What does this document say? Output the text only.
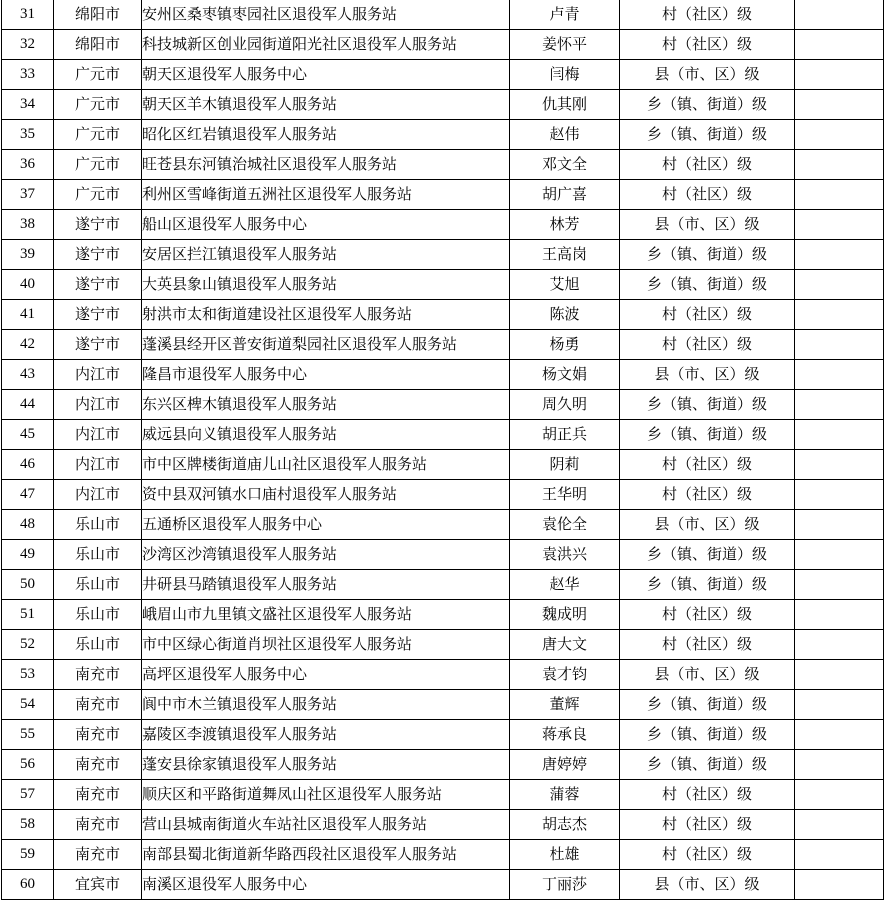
31	绵阳市	安州区桑枣镇枣园社区退役军人服务站	卢青	村（社区）级	
32	绵阳市	科技城新区创业园街道阳光社区退役军人服务站	姜怀平	村（社区）级	
33	广元市	朝天区退役军人服务中心	闫梅	县（市、区）级	
34	广元市	朝天区羊木镇退役军人服务站	仇其刚	乡（镇、街道）级	
35	广元市	昭化区红岩镇退役军人服务站	赵伟	乡（镇、街道）级	
36	广元市	旺苍县东河镇治城社区退役军人服务站	邓文全	村（社区）级	
37	广元市	利州区雪峰街道五洲社区退役军人服务站	胡广喜	村（社区）级	
38	遂宁市	船山区退役军人服务中心	林芳	县（市、区）级	
39	遂宁市	安居区拦江镇退役军人服务站	王高岗	乡（镇、街道）级	
40	遂宁市	大英县象山镇退役军人服务站	艾旭	乡（镇、街道）级	
41	遂宁市	射洪市太和街道建设社区退役军人服务站	陈波	村（社区）级	
42	遂宁市	蓬溪县经开区普安街道梨园社区退役军人服务站	杨勇	村（社区）级	
43	内江市	隆昌市退役军人服务中心	杨文娟	县（市、区）级	
44	内江市	东兴区椑木镇退役军人服务站	周久明	乡（镇、街道）级	
45	内江市	威远县向义镇退役军人服务站	胡正兵	乡（镇、街道）级	
46	内江市	市中区牌楼街道庙儿山社区退役军人服务站	阴莉	村（社区）级	
47	内江市	资中县双河镇水口庙村退役军人服务站	王华明	村（社区）级	
48	乐山市	五通桥区退役军人服务中心	袁伦全	县（市、区）级	
49	乐山市	沙湾区沙湾镇退役军人服务站	袁洪兴	乡（镇、街道）级	
50	乐山市	井研县马踏镇退役军人服务站	赵华	乡（镇、街道）级	
51	乐山市	峨眉山市九里镇文盛社区退役军人服务站	魏成明	村（社区）级	
52	乐山市	市中区绿心街道肖坝社区退役军人服务站	唐大文	村（社区）级	
53	南充市	高坪区退役军人服务中心	袁才钧	县（市、区）级	
54	南充市	阆中市木兰镇退役军人服务站	董辉	乡（镇、街道）级	
55	南充市	嘉陵区李渡镇退役军人服务站	蒋承良	乡（镇、街道）级	
56	南充市	蓬安县徐家镇退役军人服务站	唐婷婷	乡（镇、街道）级	
57	南充市	顺庆区和平路街道舞凤山社区退役军人服务站	蒲蓉	村（社区）级	
58	南充市	营山县城南街道火车站社区退役军人服务站	胡志杰	村（社区）级	
59	南充市	南部县蜀北街道新华路西段社区退役军人服务站	杜雄	村（社区）级	
60	宜宾市	南溪区退役军人服务中心	丁丽莎	县（市、区）级	
